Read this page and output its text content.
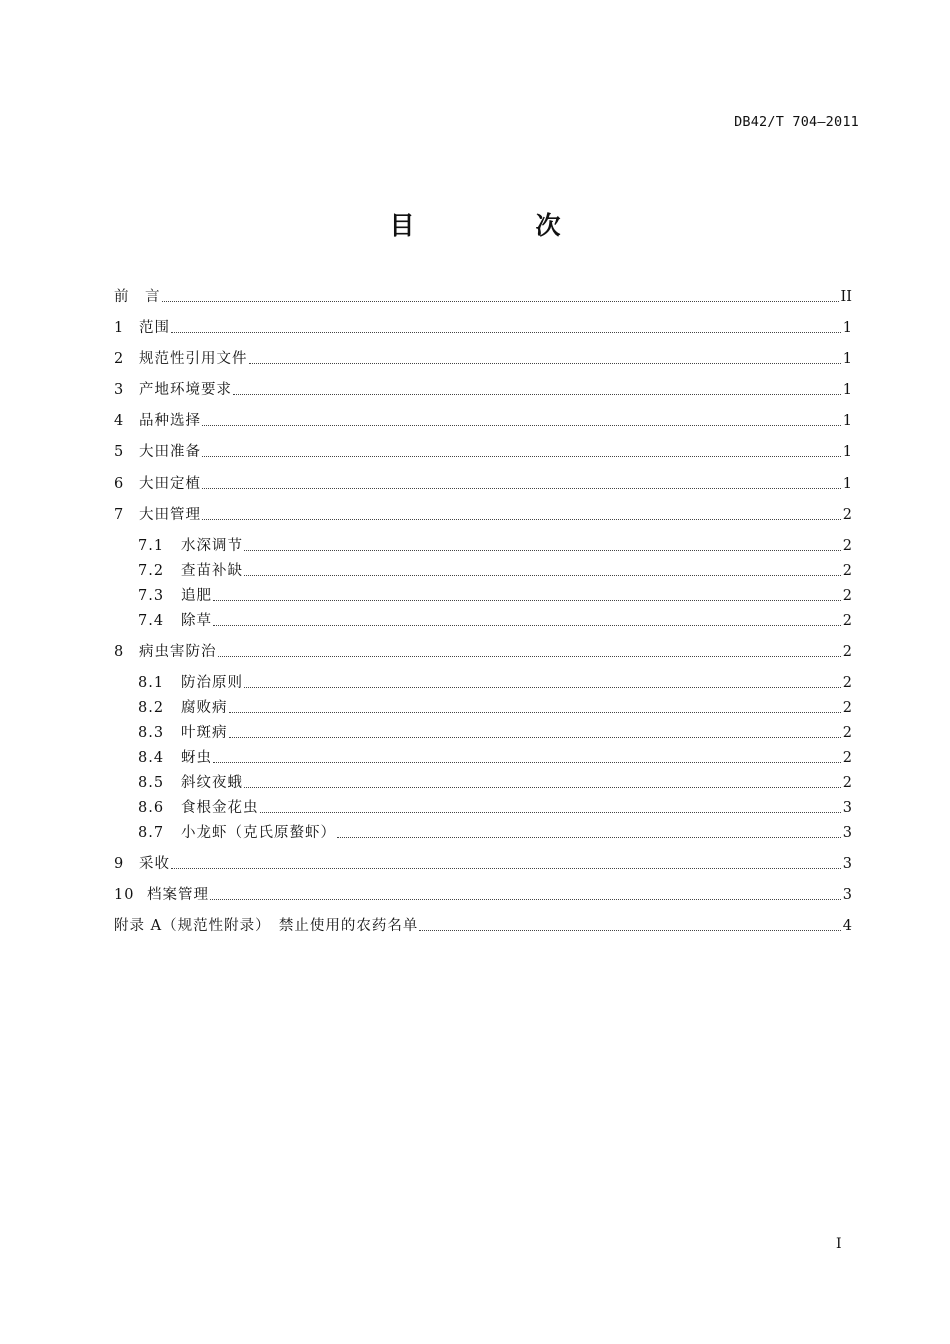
DB42/T 704—2011
目　次
前　言	II
1	范围	1
2	规范性引用文件	1
3	产地环境要求	1
4	品种选择	1
5	大田准备	1
6	大田定植	1
7	大田管理	2
7.1	水深调节	2
7.2	查苗补缺	2
7.3	追肥	2
7.4	除草	2
8	病虫害防治	2
8.1	防治原则	2
8.2	腐败病	2
8.3	叶斑病	2
8.4	蚜虫	2
8.5	斜纹夜蛾	2
8.6	食根金花虫	3
8.7	小龙虾（克氏原螯虾）	3
9	采收	3
10 档案管理	3
附录 A（规范性附录）　禁止使用的农药名单	4
I
